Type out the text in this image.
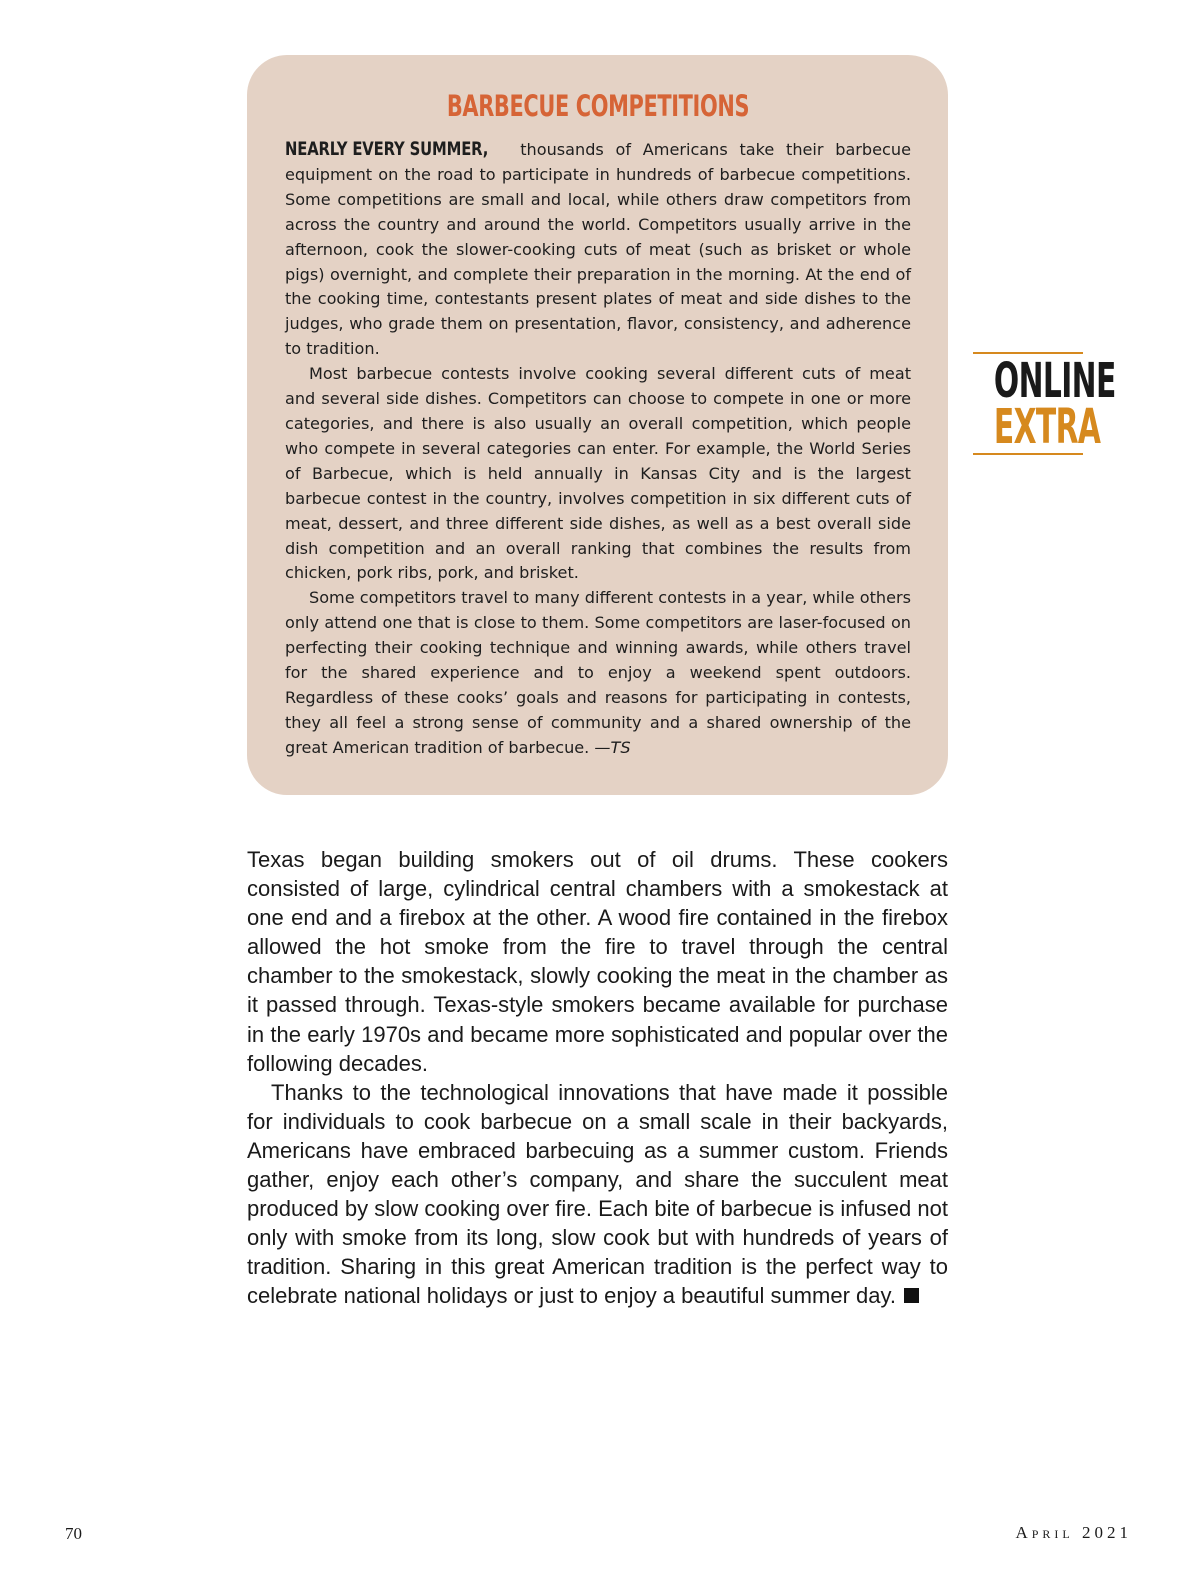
BARBECUE COMPETITIONS

NEARLY EVERY SUMMER, thousands of Americans take their barbecue equipment on the road to participate in hundreds of barbecue competitions. Some competitions are small and local, while others draw competitors from across the country and around the world. Competitors usually arrive in the afternoon, cook the slower-cooking cuts of meat (such as brisket or whole pigs) overnight, and complete their preparation in the morning. At the end of the cooking time, contestants present plates of meat and side dishes to the judges, who grade them on presentation, flavor, consistency, and adherence to tradition.

Most barbecue contests involve cooking several different cuts of meat and several side dishes. Competitors can choose to compete in one or more categories, and there is also usually an overall competition, which people who compete in several categories can enter. For example, the World Series of Barbecue, which is held annually in Kansas City and is the largest barbecue contest in the country, involves competition in six different cuts of meat, dessert, and three different side dishes, as well as a best overall side dish competition and an overall ranking that combines the results from chicken, pork ribs, pork, and brisket.

Some competitors travel to many different contests in a year, while others only attend one that is close to them. Some competitors are laser-focused on perfecting their cooking technique and winning awards, while others travel for the shared experience and to enjoy a weekend spent outdoors. Regardless of these cooks’ goals and reasons for participating in contests, they all feel a strong sense of community and a shared ownership of the great American tradition of barbecue. —TS

ONLINE
EXTRA

Texas began building smokers out of oil drums. These cookers consisted of large, cylindrical central chambers with a smokestack at one end and a firebox at the other. A wood fire contained in the firebox allowed the hot smoke from the fire to travel through the central chamber to the smokestack, slowly cooking the meat in the chamber as it passed through. Texas-style smokers became available for purchase in the early 1970s and became more sophisticated and popular over the following decades.

Thanks to the technological innovations that have made it possible for individuals to cook barbecue on a small scale in their backyards, Americans have embraced barbecuing as a summer custom. Friends gather, enjoy each other’s company, and share the succulent meat produced by slow cooking over fire. Each bite of barbecue is infused not only with smoke from its long, slow cook but with hundreds of years of tradition. Sharing in this great American tradition is the perfect way to celebrate national holidays or just to enjoy a beautiful summer day.

70	April 2021
